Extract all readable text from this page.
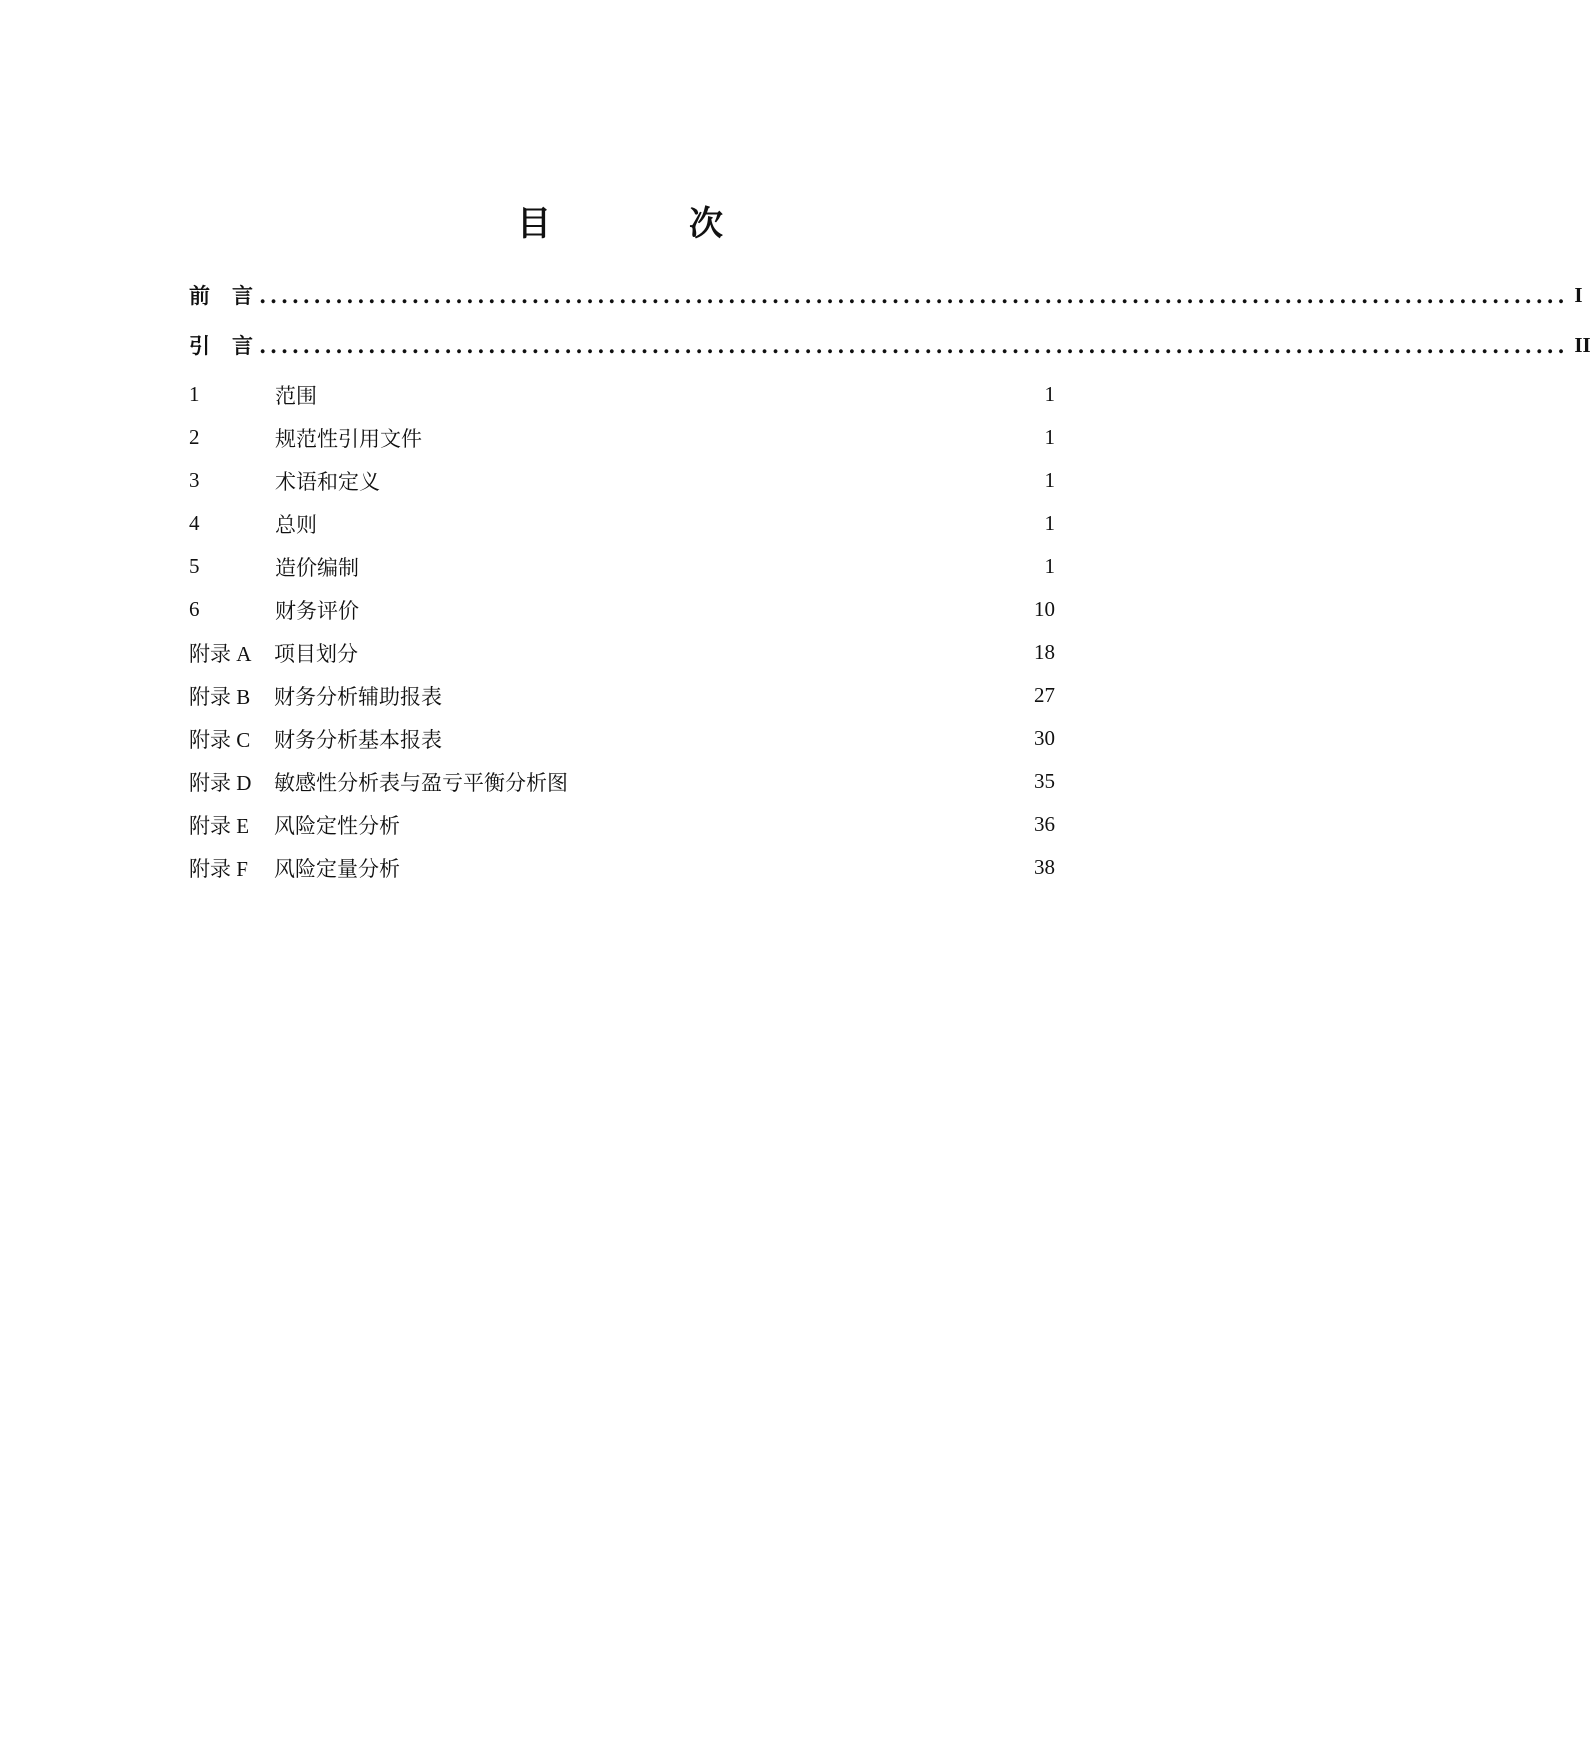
目　次
前言
........................................................................................................................ I
引言
........................................................................................................................ II
1	范围	1
2	规范性引用文件	1
3	术语和定义	1
4	总则	1
5	造价编制	1
6	财务评价	10
附录 A	项目划分	18
附录 B	财务分析辅助报表	27
附录 C	财务分析基本报表	30
附录 D	敏感性分析表与盈亏平衡分析图	35
附录 E	风险定性分析	36
附录 F	风险定量分析	38
